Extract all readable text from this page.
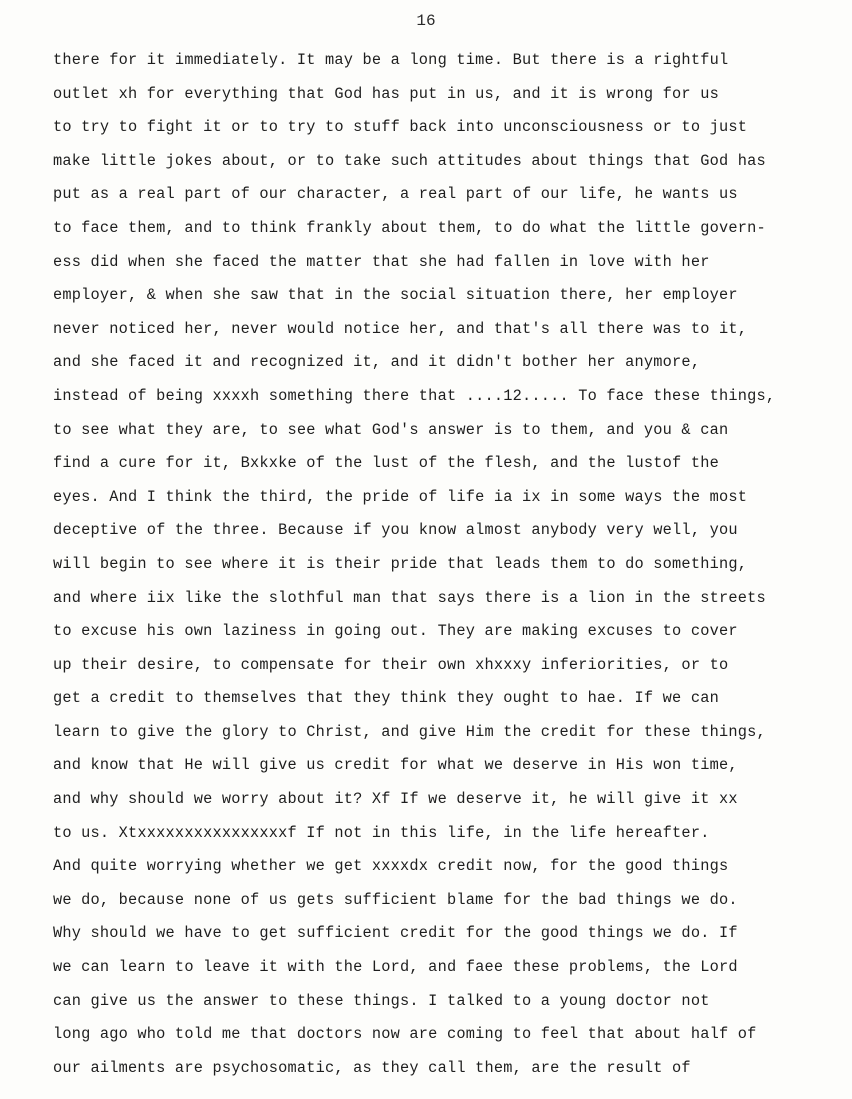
16
there for it immediately. It may be a long time. But there is a rightful
outlet xh for everything that God has put in us, and it is wrong for us
to try to fight it or to try to stuff back into unconsciousness or to just
make little jokes about, or to take such attitudes about things that God has
put as a real part of our character, a real part of our life, he wants us
to face them, and to think frankly about them, to do what the little govern-
ess did when she faced the matter that she had fallen in love with her
employer, & when she saw that in the social situation there, her employer
never noticed her, never would notice her, and that's all there was to it,
and she faced it and recognized it, and it didn't bother her anymore,
instead of being xxxxh something there that ....12..... To face these things,
to see what they are, to see what God's answer is to them, and you & can
find a cure for it, Bxkxke of the lust of the flesh, and the lustof the
eyes. And I think the third, the pride of life ia ix in some ways the most
deceptive of the three. Because if you know almost anybody very well, you
will begin to see where it is their pride that leads them to do something,
and where iix like the slothful man that says there is a lion in the streets
to excuse his own laziness in going out. They are making excuses to cover
up their desire, to compensate for their own xhxxxy inferiorities, or to
get a credit to themselves that they think they ought to hae. If we can
learn to give the glory to Christ, and give Him the credit for these things,
and know that He will give us credit for what we deserve in His won time,
and why should we worry about it? Xf If we deserve it, he will give it xx
to us. Xtxxxxxxxxxxxxxxxxf If not in this life, in the life hereafter.
And quite worrying whether we get xxxxdx credit now, for the good things
we do, because none of us gets sufficient blame for the bad things we do.
Why should we have to get sufficient credit for the good things we do. If
we can learn to leave it with the Lord, and faee these problems, the Lord
can give us the answer to these things. I talked to a young doctor not
long ago who told me that doctors now are coming to feel that about half of
our ailments are psychosomatic, as they call them, are the result of
